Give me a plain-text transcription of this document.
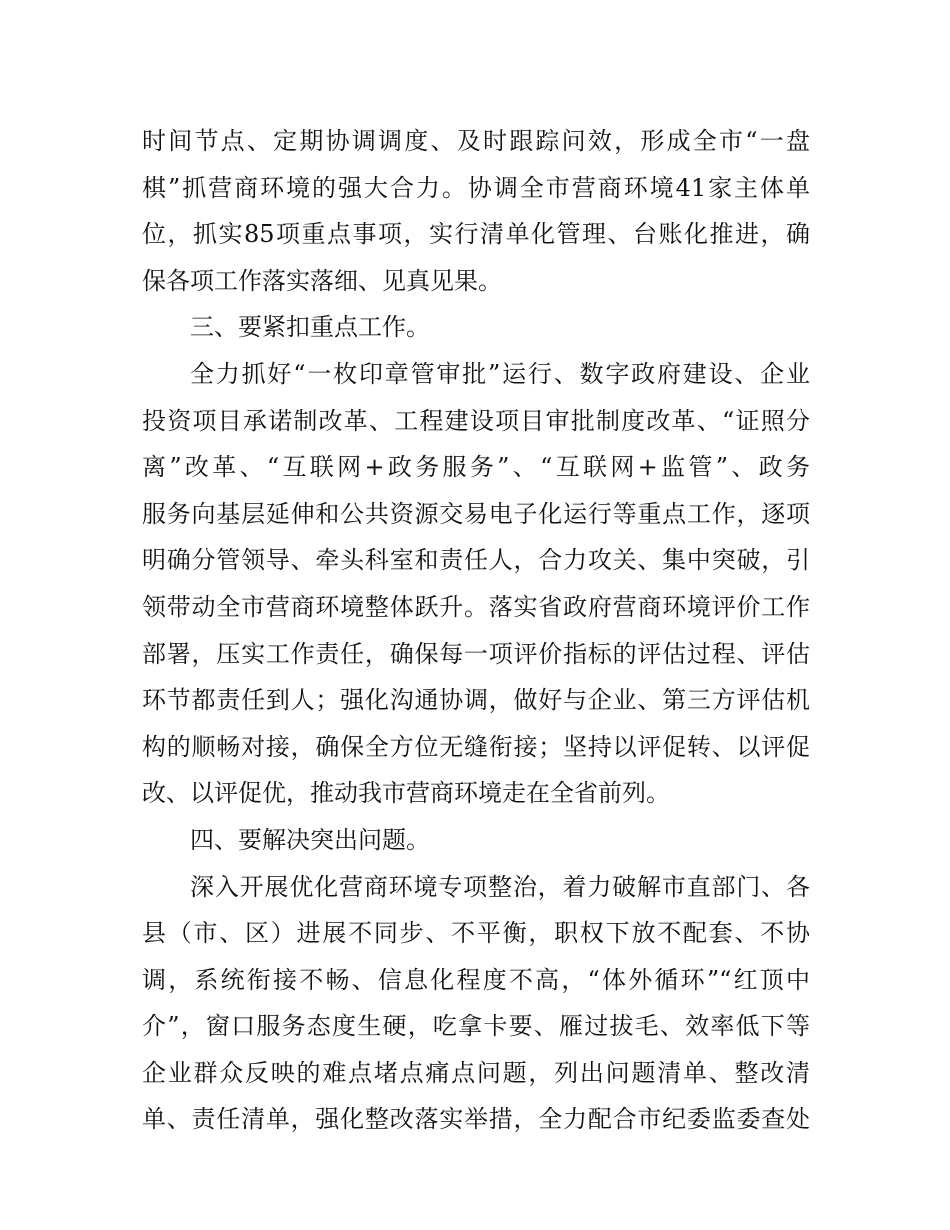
时间节点、定期协调调度、及时跟踪问效，形成全市“一盘
棋”抓营商环境的强大合力。协调全市营商环境41家主体单
位，抓实85项重点事项，实行清单化管理、台账化推进，确
保各项工作落实落细、见真见果。
三、要紧扣重点工作。
全力抓好“一枚印章管审批”运行、数字政府建设、企业
投资项目承诺制改革、工程建设项目审批制度改革、“证照分
离”改革、“互联网+政务服务”、“互联网+监管”、政务
服务向基层延伸和公共资源交易电子化运行等重点工作，逐项
明确分管领导、牵头科室和责任人，合力攻关、集中突破，引
领带动全市营商环境整体跃升。落实省政府营商环境评价工作
部署，压实工作责任，确保每一项评价指标的评估过程、评估
环节都责任到人；强化沟通协调，做好与企业、第三方评估机
构的顺畅对接，确保全方位无缝衔接；坚持以评促转、以评促
改、以评促优，推动我市营商环境走在全省前列。
四、要解决突出问题。
深入开展优化营商环境专项整治，着力破解市直部门、各
县（市、区）进展不同步、不平衡，职权下放不配套、不协
调，系统衔接不畅、信息化程度不高，“体外循环”“红顶中
介”，窗口服务态度生硬，吃拿卡要、雁过拔毛、效率低下等
企业群众反映的难点堵点痛点问题，列出问题清单、整改清
单、责任清单，强化整改落实举措，全力配合市纪委监委查处
